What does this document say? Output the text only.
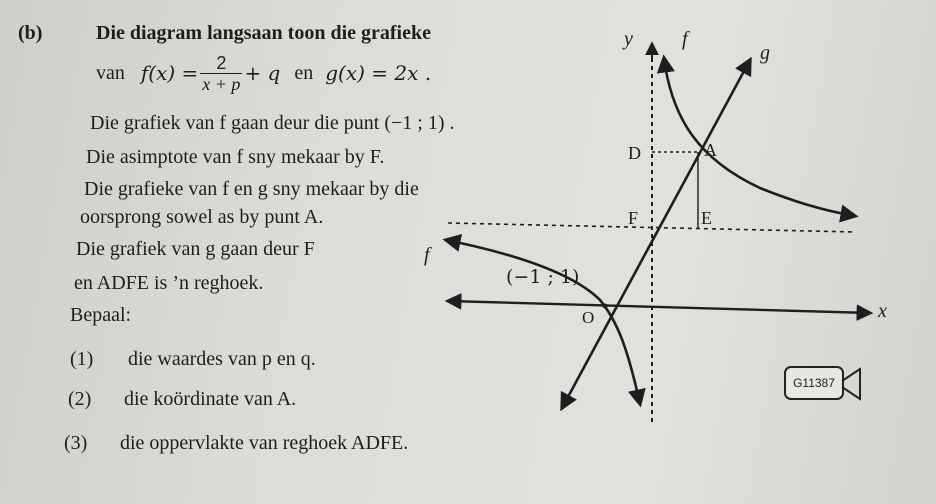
(b)	Die diagram langsaan toon die grafieke
van $f(x) = \frac{2}{x + p} + q$ en g(x) = 2x .
Die grafiek van f gaan deur die punt (−1 ; 1) .
Die asimptote van f sny mekaar by F.
Die grafieke van f en g sny mekaar by die
oorsprong sowel as by punt A.
Die grafiek van g gaan deur F
en ADFE is ’n reghoek.
Bepaal:
(1) die waardes van p en q.
(2) die koördinate van A.
(3) die oppervlakte van reghoek ADFE.
y f
g
D	A
F	E
f
(−1 ; 1)
O	x
G11387
